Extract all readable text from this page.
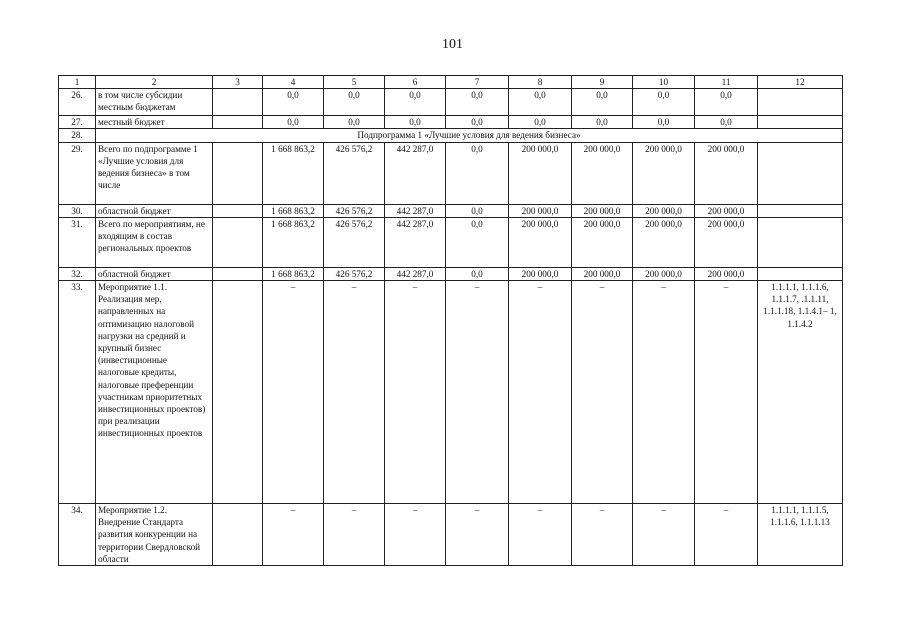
101
1	2	3	4	5	6	7	8	9	10	11	12
26.	в том числе субсидии местным бюджетам		0,0	0,0	0,0	0,0	0,0	0,0	0,0	0,0	
27.	местный бюджет		0,0	0,0	0,0	0,0	0,0	0,0	0,0	0,0	
28.	Подпрограмма 1 «Лучшие условия для ведения бизнеса»										
29.	Всего по подпрограмме 1 «Лучшие условия для ведения бизнеса» в том числе		1 668 863,2	426 576,2	442 287,0	0,0	200 000,0	200 000,0	200 000,0	200 000,0	
30.	областной бюджет		1 668 863,2	426 576,2	442 287,0	0,0	200 000,0	200 000,0	200 000,0	200 000,0	
31.	Всего по мероприятиям, не входящим в состав региональных проектов		1 668 863,2	426 576,2	442 287,0	0,0	200 000,0	200 000,0	200 000,0	200 000,0	
32.	областной бюджет		1 668 863,2	426 576,2	442 287,0	0,0	200 000,0	200 000,0	200 000,0	200 000,0	
33.	Мероприятие 1.1. Реализация мер, направленных на оптимизацию налоговой нагрузки на средний и крупный бизнес (инвестиционные налоговые кредиты, налоговые преференции участникам приоритетных инвестиционных проектов) при реализации инвестиционных проектов		–	–	–	–	–	–	–	–	1.1.1.1, 1.1.1.6, 1.1.1.7, .1.1.11, 1.1.1.18, 1.1.4.1– 1, 1.1.4.2
34.	Мероприятие 1.2. Внедрение Стандарта развития конкуренции на территории Свердловской области		–	–	–	–	–	–	–	–	1.1.1.1, 1.1.1.5, 1.1.1.6, 1.1.1.13
